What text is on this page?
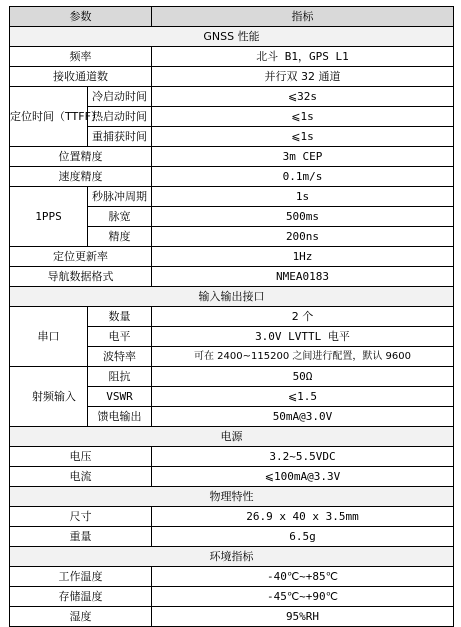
参数		指标
GNSS 性能		
频率		北斗 B1，GPS L1
接收通道数		并行双 32 通道
定位时间（TTFF）	冷启动时间	⩽32s
	热启动时间	⩽1s
	重捕获时间	⩽1s
位置精度		3m CEP
速度精度		0.1m/s
1PPS	秒脉冲周期	1s
	脉宽	500ms
	精度	200ns
定位更新率		1Hz
导航数据格式		NMEA0183
输入输出接口		
串口	数量	2 个
	电平	3.0V LVTTL 电平
	波特率	可在 2400~115200 之间进行配置，默认 9600
射频输入	阻抗	50Ω
	VSWR	⩽1.5
	馈电输出	50mA@3.0V
电源		
电压		3.2~5.5VDC
电流		⩽100mA@3.3V
物理特性		
尺寸		26.9 x 40 x 3.5mm
重量		6.5g
环境指标		
工作温度		-40℃~+85℃
存储温度		-45℃~+90℃
湿度		95%RH
